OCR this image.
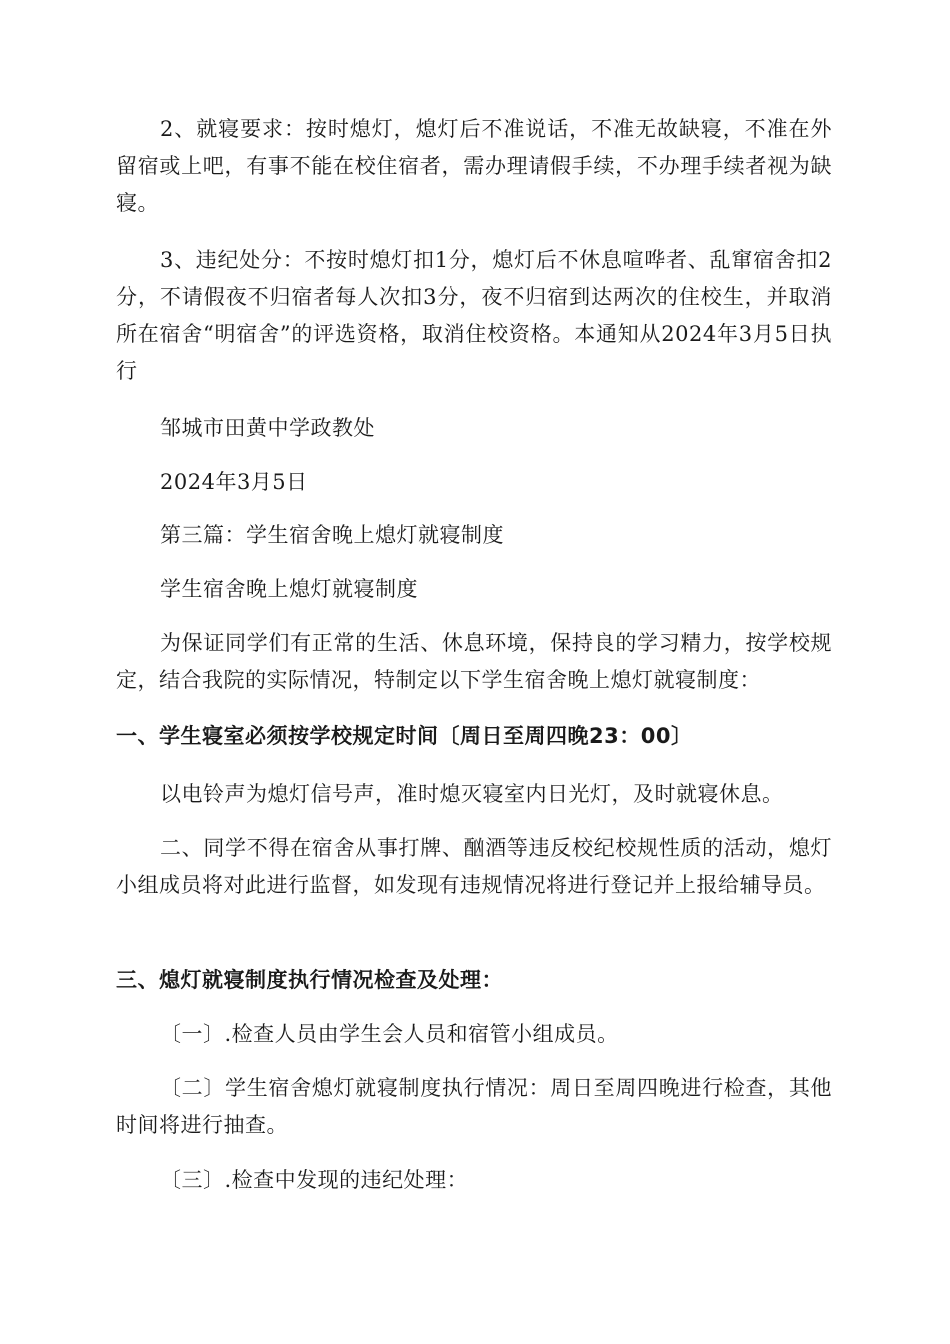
2、就寝要求：按时熄灯，熄灯后不准说话，不准无故缺寝，不准在外留宿或上吧，有事不能在校住宿者，需办理请假手续，不办理手续者视为缺寝。

3、违纪处分：不按时熄灯扣1分，熄灯后不休息喧哗者、乱窜宿舍扣2分，不请假夜不归宿者每人次扣3分，夜不归宿到达两次的住校生，并取消所在宿舍“明宿舍”的评选资格，取消住校资格。本通知从2024年3月5日执行

邹城市田黄中学政教处

2024年3月5日

第三篇：学生宿舍晚上熄灯就寝制度

学生宿舍晚上熄灯就寝制度

为保证同学们有正常的生活、休息环境，保持良的学习精力，按学校规定，结合我院的实际情况，特制定以下学生宿舍晚上熄灯就寝制度：

一、学生寝室必须按学校规定时间〔周日至周四晚23：00〕

以电铃声为熄灯信号声，准时熄灭寝室内日光灯，及时就寝休息。

二、同学不得在宿舍从事打牌、酗酒等违反校纪校规性质的活动，熄灯小组成员将对此进行监督，如发现有违规情况将进行登记并上报给辅导员。

三、熄灯就寝制度执行情况检查及处理：

〔一〕.检查人员由学生会人员和宿管小组成员。

〔二〕学生宿舍熄灯就寝制度执行情况：周日至周四晚进行检查，其他时间将进行抽查。

〔三〕.检查中发现的违纪处理：
